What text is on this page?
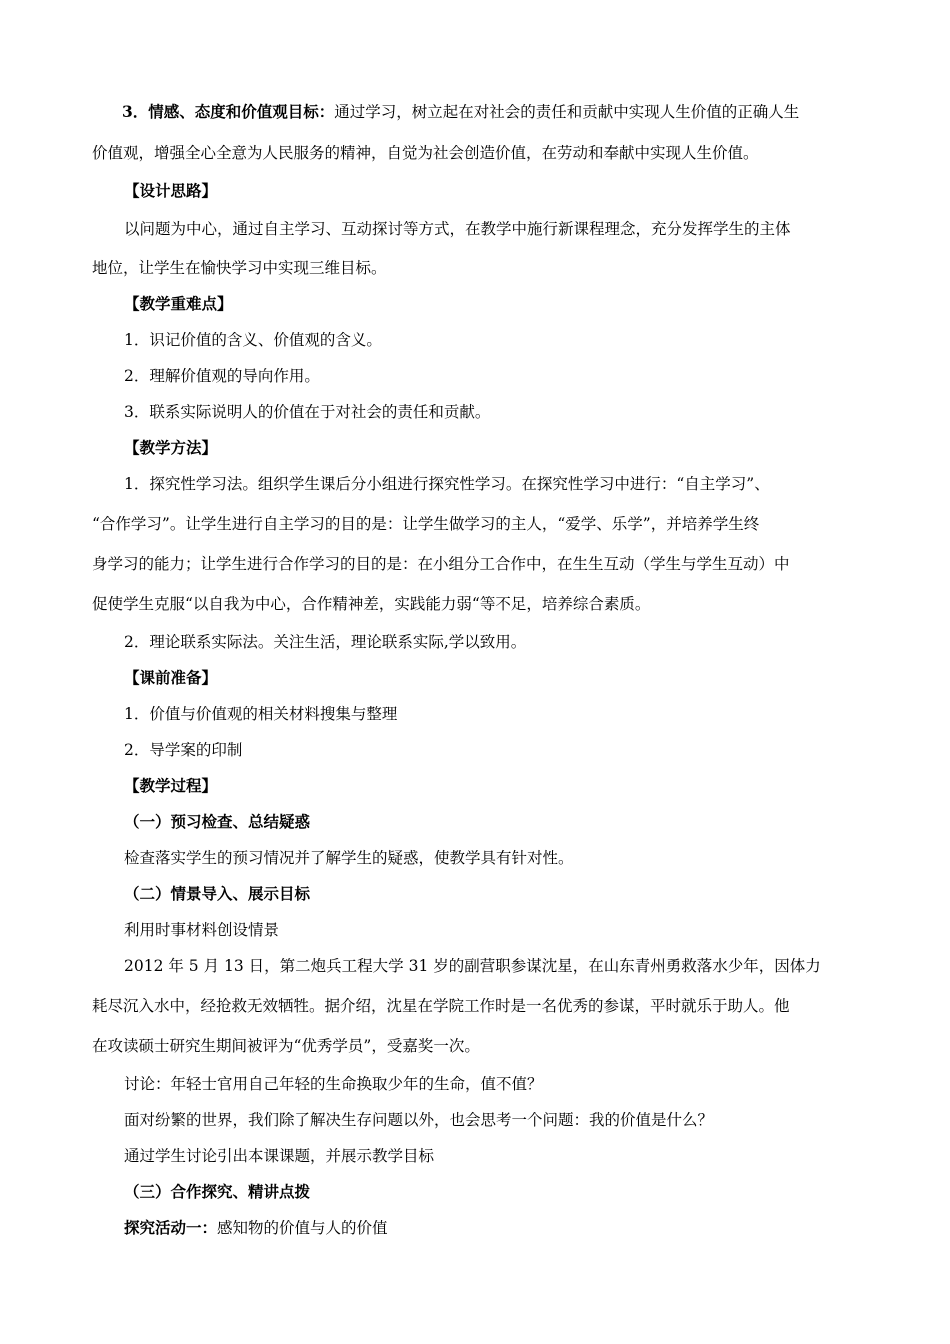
3．情感、态度和价值观目标：通过学习，树立起在对社会的责任和贡献中实现人生价值的正确人生
价值观，增强全心全意为人民服务的精神，自觉为社会创造价值，在劳动和奉献中实现人生价值。
【设计思路】
以问题为中心，通过自主学习、互动探讨等方式，在教学中施行新课程理念，充分发挥学生的主体
地位，让学生在愉快学习中实现三维目标。
【教学重难点】
1．识记价值的含义、价值观的含义。
2．理解价值观的导向作用。
3．联系实际说明人的价值在于对社会的责任和贡献。
【教学方法】
1．探究性学习法。组织学生课后分小组进行探究性学习。在探究性学习中进行：“自主学习”、
“合作学习”。让学生进行自主学习的目的是：让学生做学习的主人，“爱学、乐学”，并培养学生终
身学习的能力；让学生进行合作学习的目的是：在小组分工合作中，在生生互动（学生与学生互动）中
促使学生克服“以自我为中心，合作精神差，实践能力弱“等不足，培养综合素质。
2．理论联系实际法。关注生活，理论联系实际,学以致用。
【课前准备】
1．价值与价值观的相关材料搜集与整理
2．导学案的印制
【教学过程】
（一）预习检查、总结疑惑
检查落实学生的预习情况并了解学生的疑惑，使教学具有针对性。
（二）情景导入、展示目标
利用时事材料创设情景
2012 年 5 月 13 日，第二炮兵工程大学 31 岁的副营职参谋沈星，在山东青州勇救落水少年，因体力
耗尽沉入水中，经抢救无效牺牲。据介绍，沈星在学院工作时是一名优秀的参谋，平时就乐于助人。他
在攻读硕士研究生期间被评为“优秀学员”，受嘉奖一次。
讨论：年轻士官用自己年轻的生命换取少年的生命，值不值？
面对纷繁的世界，我们除了解决生存问题以外，也会思考一个问题：我的价值是什么？
通过学生讨论引出本课课题，并展示教学目标
（三）合作探究、精讲点拨
探究活动一：感知物的价值与人的价值
